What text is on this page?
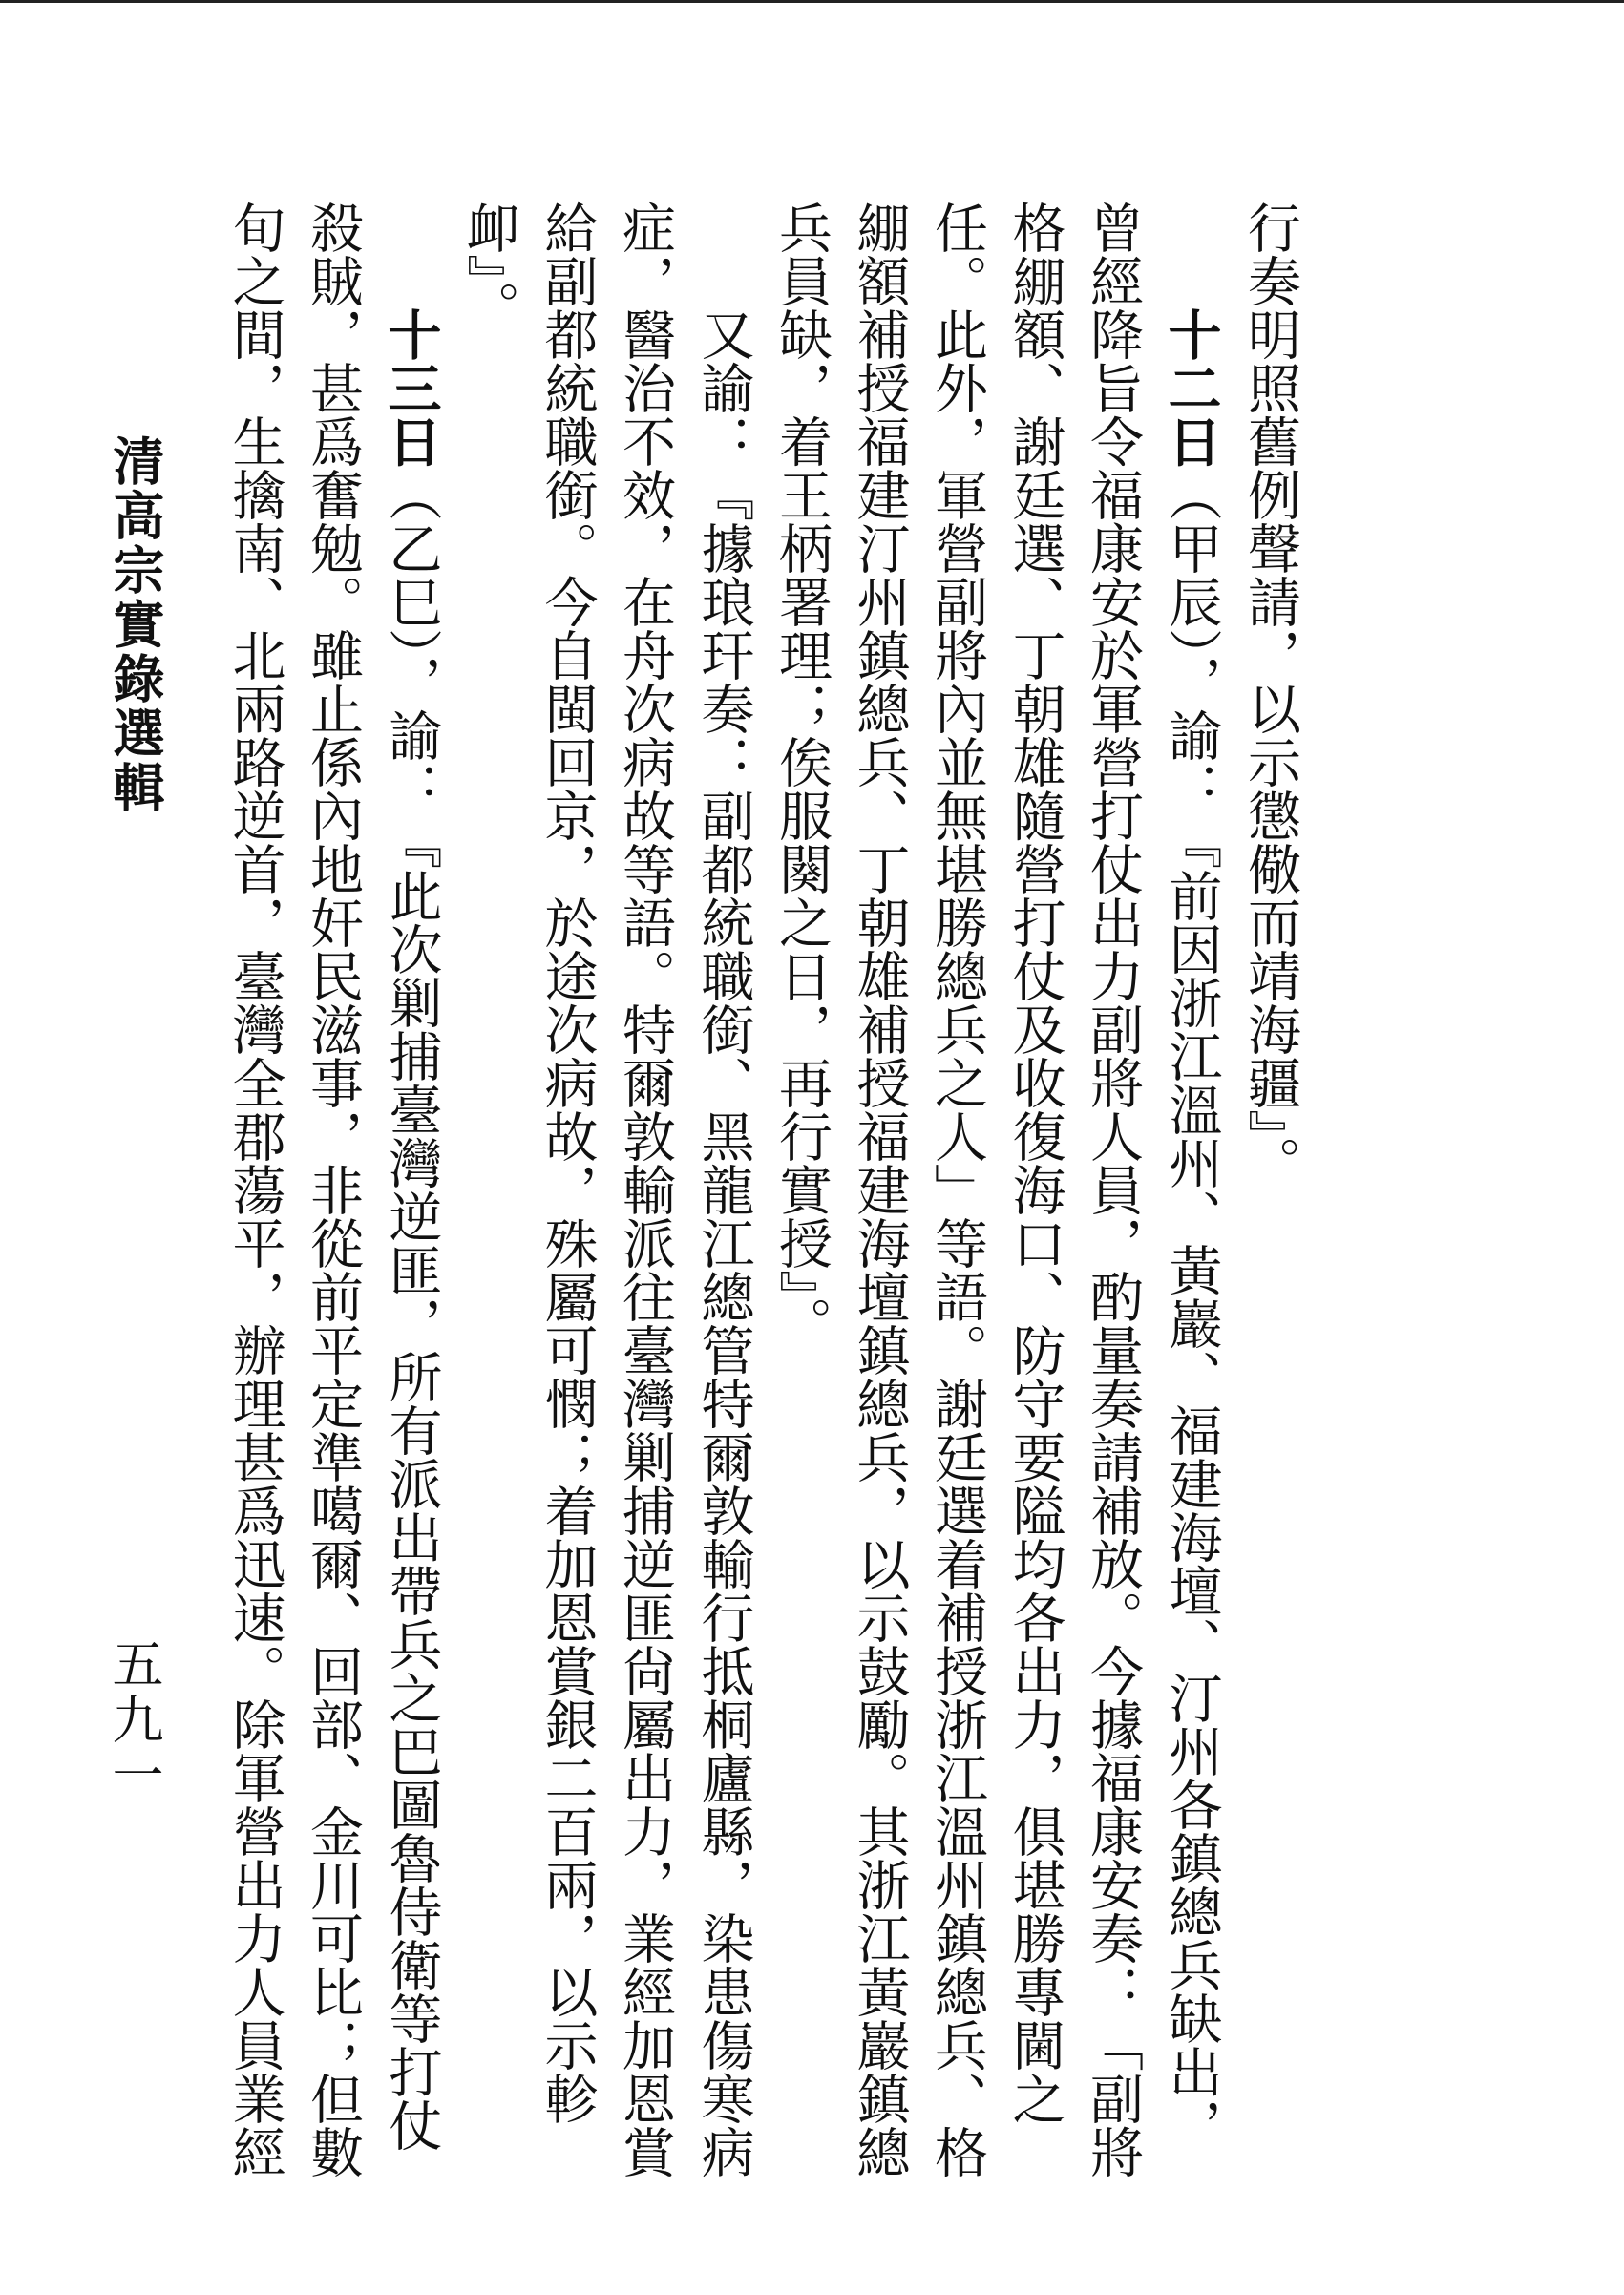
行奏明照舊例聲請，以示懲儆而靖海疆』。

十二日（甲辰），諭：『前因浙江溫州、黃巖、福建海壇、汀州各鎮總兵缺出，曾經降旨令福康安於軍營打仗出力副將人員，酌量奏請補放。今據福康安奏：「副將格綳額、謝廷選、丁朝雄隨營打仗及收復海口、防守要隘均各出力，俱堪勝專閫之任。此外，軍營副將內並無堪勝總兵之人」等語。謝廷選着補授浙江溫州鎮總兵、格綳額補授福建汀州鎮總兵、丁朝雄補授福建海壇鎮總兵，以示鼓勵。其浙江黃巖鎮總兵員缺，着王柄署理；俟服闋之日，再行實授』。

又諭：『據琅玕奏：副都統職銜、黑龍江總管特爾敦輸行抵桐廬縣，染患傷寒病症，醫治不效，在舟次病故等語。特爾敦輸派往臺灣剿捕逆匪尙屬出力，業經加恩賞給副都統職銜。今自閩回京，於途次病故，殊屬可憫；着加恩賞銀二百兩，以示軫卹』。

十三日（乙巳），諭：『此次剿捕臺灣逆匪，所有派出帶兵之巴圖魯侍衛等打仗殺賊，甚爲奮勉。雖止係內地奸民滋事，非從前平定準噶爾、回部、金川可比；但數旬之間，生擒南、北兩路逆首，臺灣全郡蕩平，辦理甚爲迅速。除軍營出力人員業經

清高宗實錄選輯
五九一
